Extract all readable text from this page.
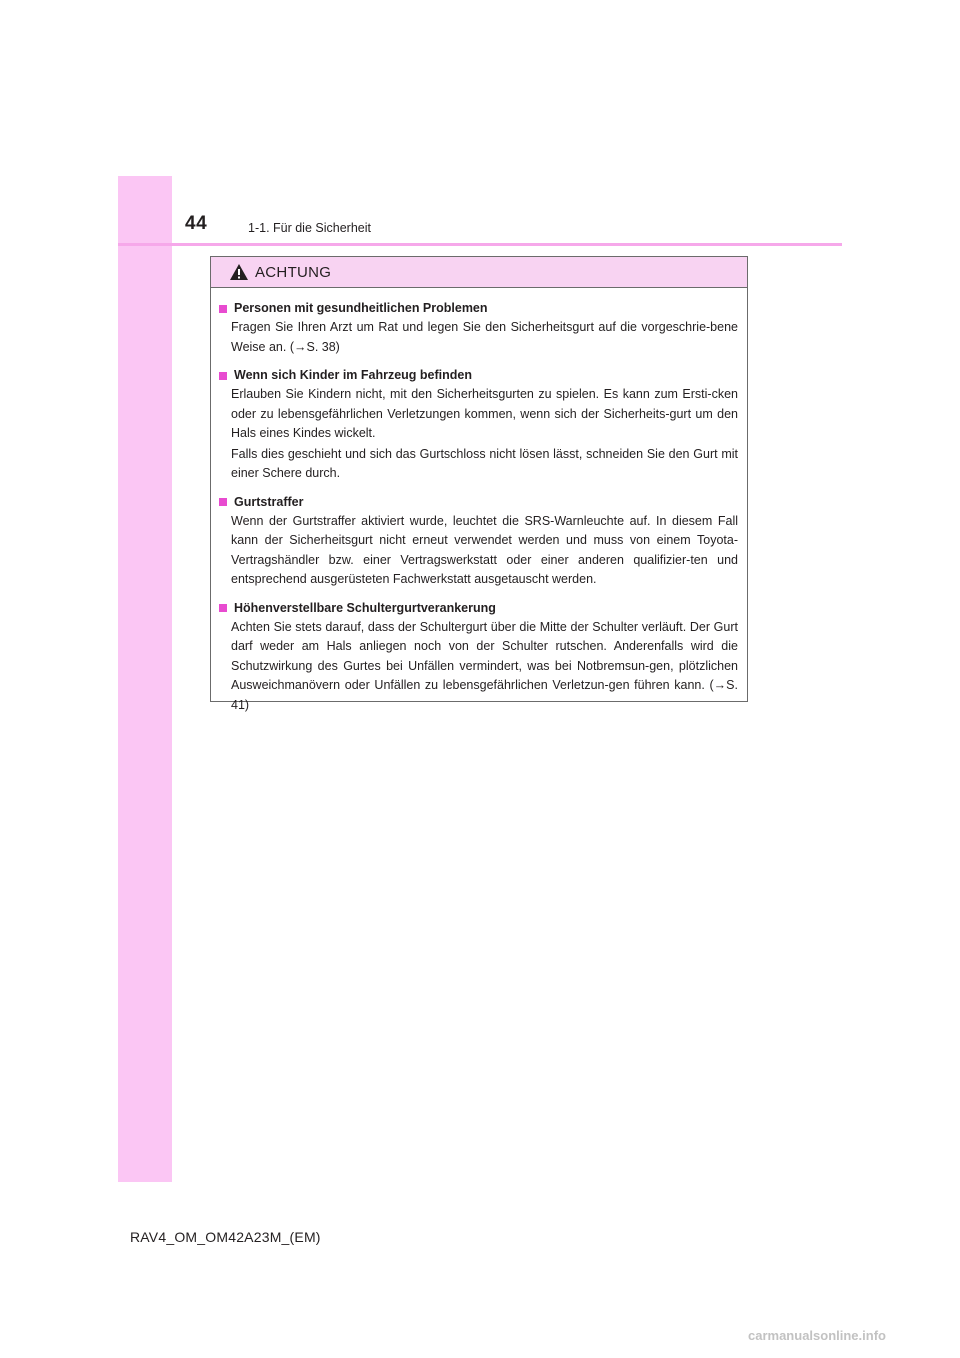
44	1-1. Für die Sicherheit
ACHTUNG
Personen mit gesundheitlichen Problemen
Fragen Sie Ihren Arzt um Rat und legen Sie den Sicherheitsgurt auf die vorgeschrie-bene Weise an. (→S. 38)
Wenn sich Kinder im Fahrzeug befinden
Erlauben Sie Kindern nicht, mit den Sicherheitsgurten zu spielen. Es kann zum Ersti-cken oder zu lebensgefährlichen Verletzungen kommen, wenn sich der Sicherheits-gurt um den Hals eines Kindes wickelt.
Falls dies geschieht und sich das Gurtschloss nicht lösen lässt, schneiden Sie den Gurt mit einer Schere durch.
Gurtstraffer
Wenn der Gurtstraffer aktiviert wurde, leuchtet die SRS-Warnleuchte auf. In diesem Fall kann der Sicherheitsgurt nicht erneut verwendet werden und muss von einem Toyota-Vertragshändler bzw. einer Vertragswerkstatt oder einer anderen qualifizier-ten und entsprechend ausgerüsteten Fachwerkstatt ausgetauscht werden.
Höhenverstellbare Schultergurtverankerung
Achten Sie stets darauf, dass der Schultergurt über die Mitte der Schulter verläuft. Der Gurt darf weder am Hals anliegen noch von der Schulter rutschen. Anderenfalls wird die Schutzwirkung des Gurtes bei Unfällen vermindert, was bei Notbremsun-gen, plötzlichen Ausweichmanövern oder Unfällen zu lebensgefährlichen Verletzun-gen führen kann. (→S. 41)
RAV4_OM_OM42A23M_(EM)
carmanualsonline.info
